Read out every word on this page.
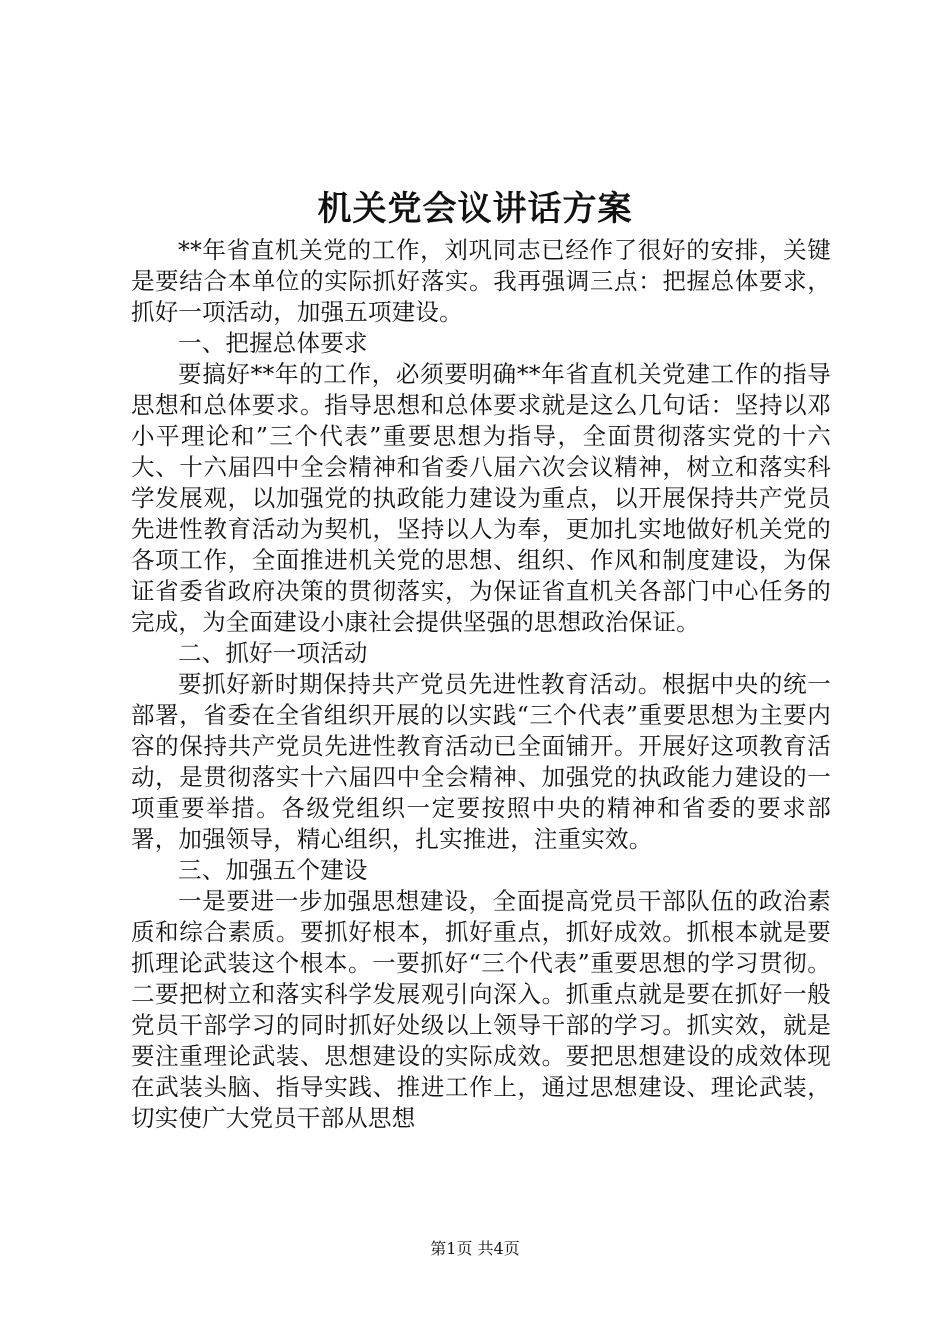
机关党会议讲话方案

**年省直机关党的工作，刘巩同志已经作了很好的安排，关键是要结合本单位的实际抓好落实。我再强调三点：把握总体要求，抓好一项活动，加强五项建设。

一、把握总体要求

要搞好**年的工作，必须要明确**年省直机关党建工作的指导思想和总体要求。指导思想和总体要求就是这么几句话：坚持以邓小平理论和”三个代表”重要思想为指导，全面贯彻落实党的十六大、十六届四中全会精神和省委八届六次会议精神，树立和落实科学发展观，以加强党的执政能力建设为重点，以开展保持共产党员先进性教育活动为契机，坚持以人为奉，更加扎实地做好机关党的各项工作，全面推进机关党的思想、组织、作风和制度建设，为保证省委省政府决策的贯彻落实，为保证省直机关各部门中心任务的完成，为全面建设小康社会提供坚强的思想政治保证。

二、抓好一项活动

要抓好新时期保持共产党员先进性教育活动。根据中央的统一部署，省委在全省组织开展的以实践“三个代表”重要思想为主要内容的保持共产党员先进性教育活动已全面铺开。开展好这项教育活动，是贯彻落实十六届四中全会精神、加强党的执政能力建设的一项重要举措。各级党组织一定要按照中央的精神和省委的要求部署，加强领导，精心组织，扎实推进，注重实效。

三、加强五个建设

一是要进一步加强思想建设，全面提高党员干部队伍的政治素质和综合素质。要抓好根本，抓好重点，抓好成效。抓根本就是要抓理论武装这个根本。一要抓好“三个代表”重要思想的学习贯彻。二要把树立和落实科学发展观引向深入。抓重点就是要在抓好一般党员干部学习的同时抓好处级以上领导干部的学习。抓实效，就是要注重理论武装、思想建设的实际成效。要把思想建设的成效体现在武装头脑、指导实践、推进工作上，通过思想建设、理论武装，切实使广大党员干部从思想

第1页 共4页
